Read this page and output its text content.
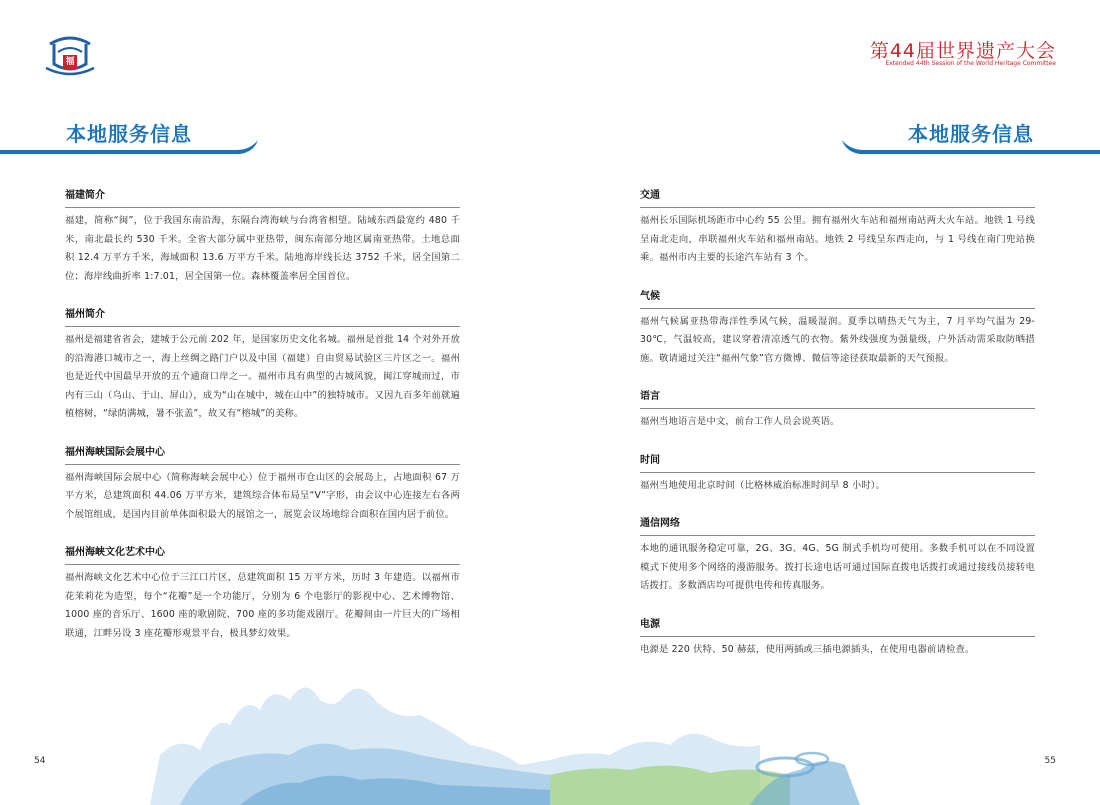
福
本地服务信息
福建简介

福建，简称“闽”，位于我国东南沿海，东隔台湾海峡与台湾省相望。陆域东西最宽约 480 千米，南北最长约 530 千米。全省大部分属中亚热带，闽东南部分地区属南亚热带。土地总面积 12.4 万平方千米，海域面积 13.6 万平方千米。陆地海岸线长达 3752 千米，居全国第二位；海岸线曲折率 1:7.01，居全国第一位。森林覆盖率居全国首位。

福州简介

福州是福建省省会，建城于公元前 202 年，是国家历史文化名城。福州是首批 14 个对外开放的沿海港口城市之一，海上丝绸之路门户以及中国（福建）自由贸易试验区三片区之一。福州也是近代中国最早开放的五个通商口岸之一。福州市具有典型的古城风貌，闽江穿城而过，市内有三山（乌山、于山、屏山），成为“山在城中，城在山中”的独特城市。又因九百多年前就遍植榕树，“绿荫满城，暑不张盖”，故又有“榕城”的美称。

福州海峡国际会展中心

福州海峡国际会展中心（简称海峡会展中心）位于福州市仓山区的会展岛上，占地面积 67 万平方米，总建筑面积 44.06 万平方米，建筑综合体布局呈“V”字形，由会议中心连接左右各两个展馆组成，是国内目前单体面积最大的展馆之一，展览会议场地综合面积在国内居于前位。

福州海峡文化艺术中心

福州海峡文化艺术中心位于三江口片区，总建筑面积 15 万平方米，历时 3 年建造。以福州市花茉莉花为造型，每个“花瓣”是一个功能厅，分别为 6 个电影厅的影视中心、艺术博物馆、1000 座的音乐厅、1600 座的歌剧院、700 座的多功能戏剧厅。花瓣间由一片巨大的广场相联通，江畔另设 3 座花瓣形观景平台，极具梦幻效果。

54
第44届世界遗产大会
Extended 44th Session of the World Heritage Committee
本地服务信息
交通

福州长乐国际机场距市中心约 55 公里。拥有福州火车站和福州南站两大火车站。地铁 1 号线呈南北走向，串联福州火车站和福州南站。地铁 2 号线呈东西走向，与 1 号线在南门兜站换乘。福州市内主要的长途汽车站有 3 个。

气候

福州气候属亚热带海洋性季风气候，温暖湿润。夏季以晴热天气为主，7 月平均气温为 29-30℃，气温较高，建议穿着清凉透气的衣物。紫外线强度为强量级，户外活动需采取防晒措施。敬请通过关注“福州气象”官方微博、微信等途径获取最新的天气预报。

语言

福州当地语言是中文，前台工作人员会说英语。

时间

福州当地使用北京时间（比格林威治标准时间早 8 小时）。

通信网络

本地的通讯服务稳定可靠，2G、3G、4G、5G 制式手机均可使用。多数手机可以在不同设置模式下使用多个网络的漫游服务。拨打长途电话可通过国际直拨电话拨打或通过接线员接转电话拨打。多数酒店均可提供电传和传真服务。

电源

电源是 220 伏特、50 赫兹，使用两插或三插电源插头，在使用电器前请检查。

55
